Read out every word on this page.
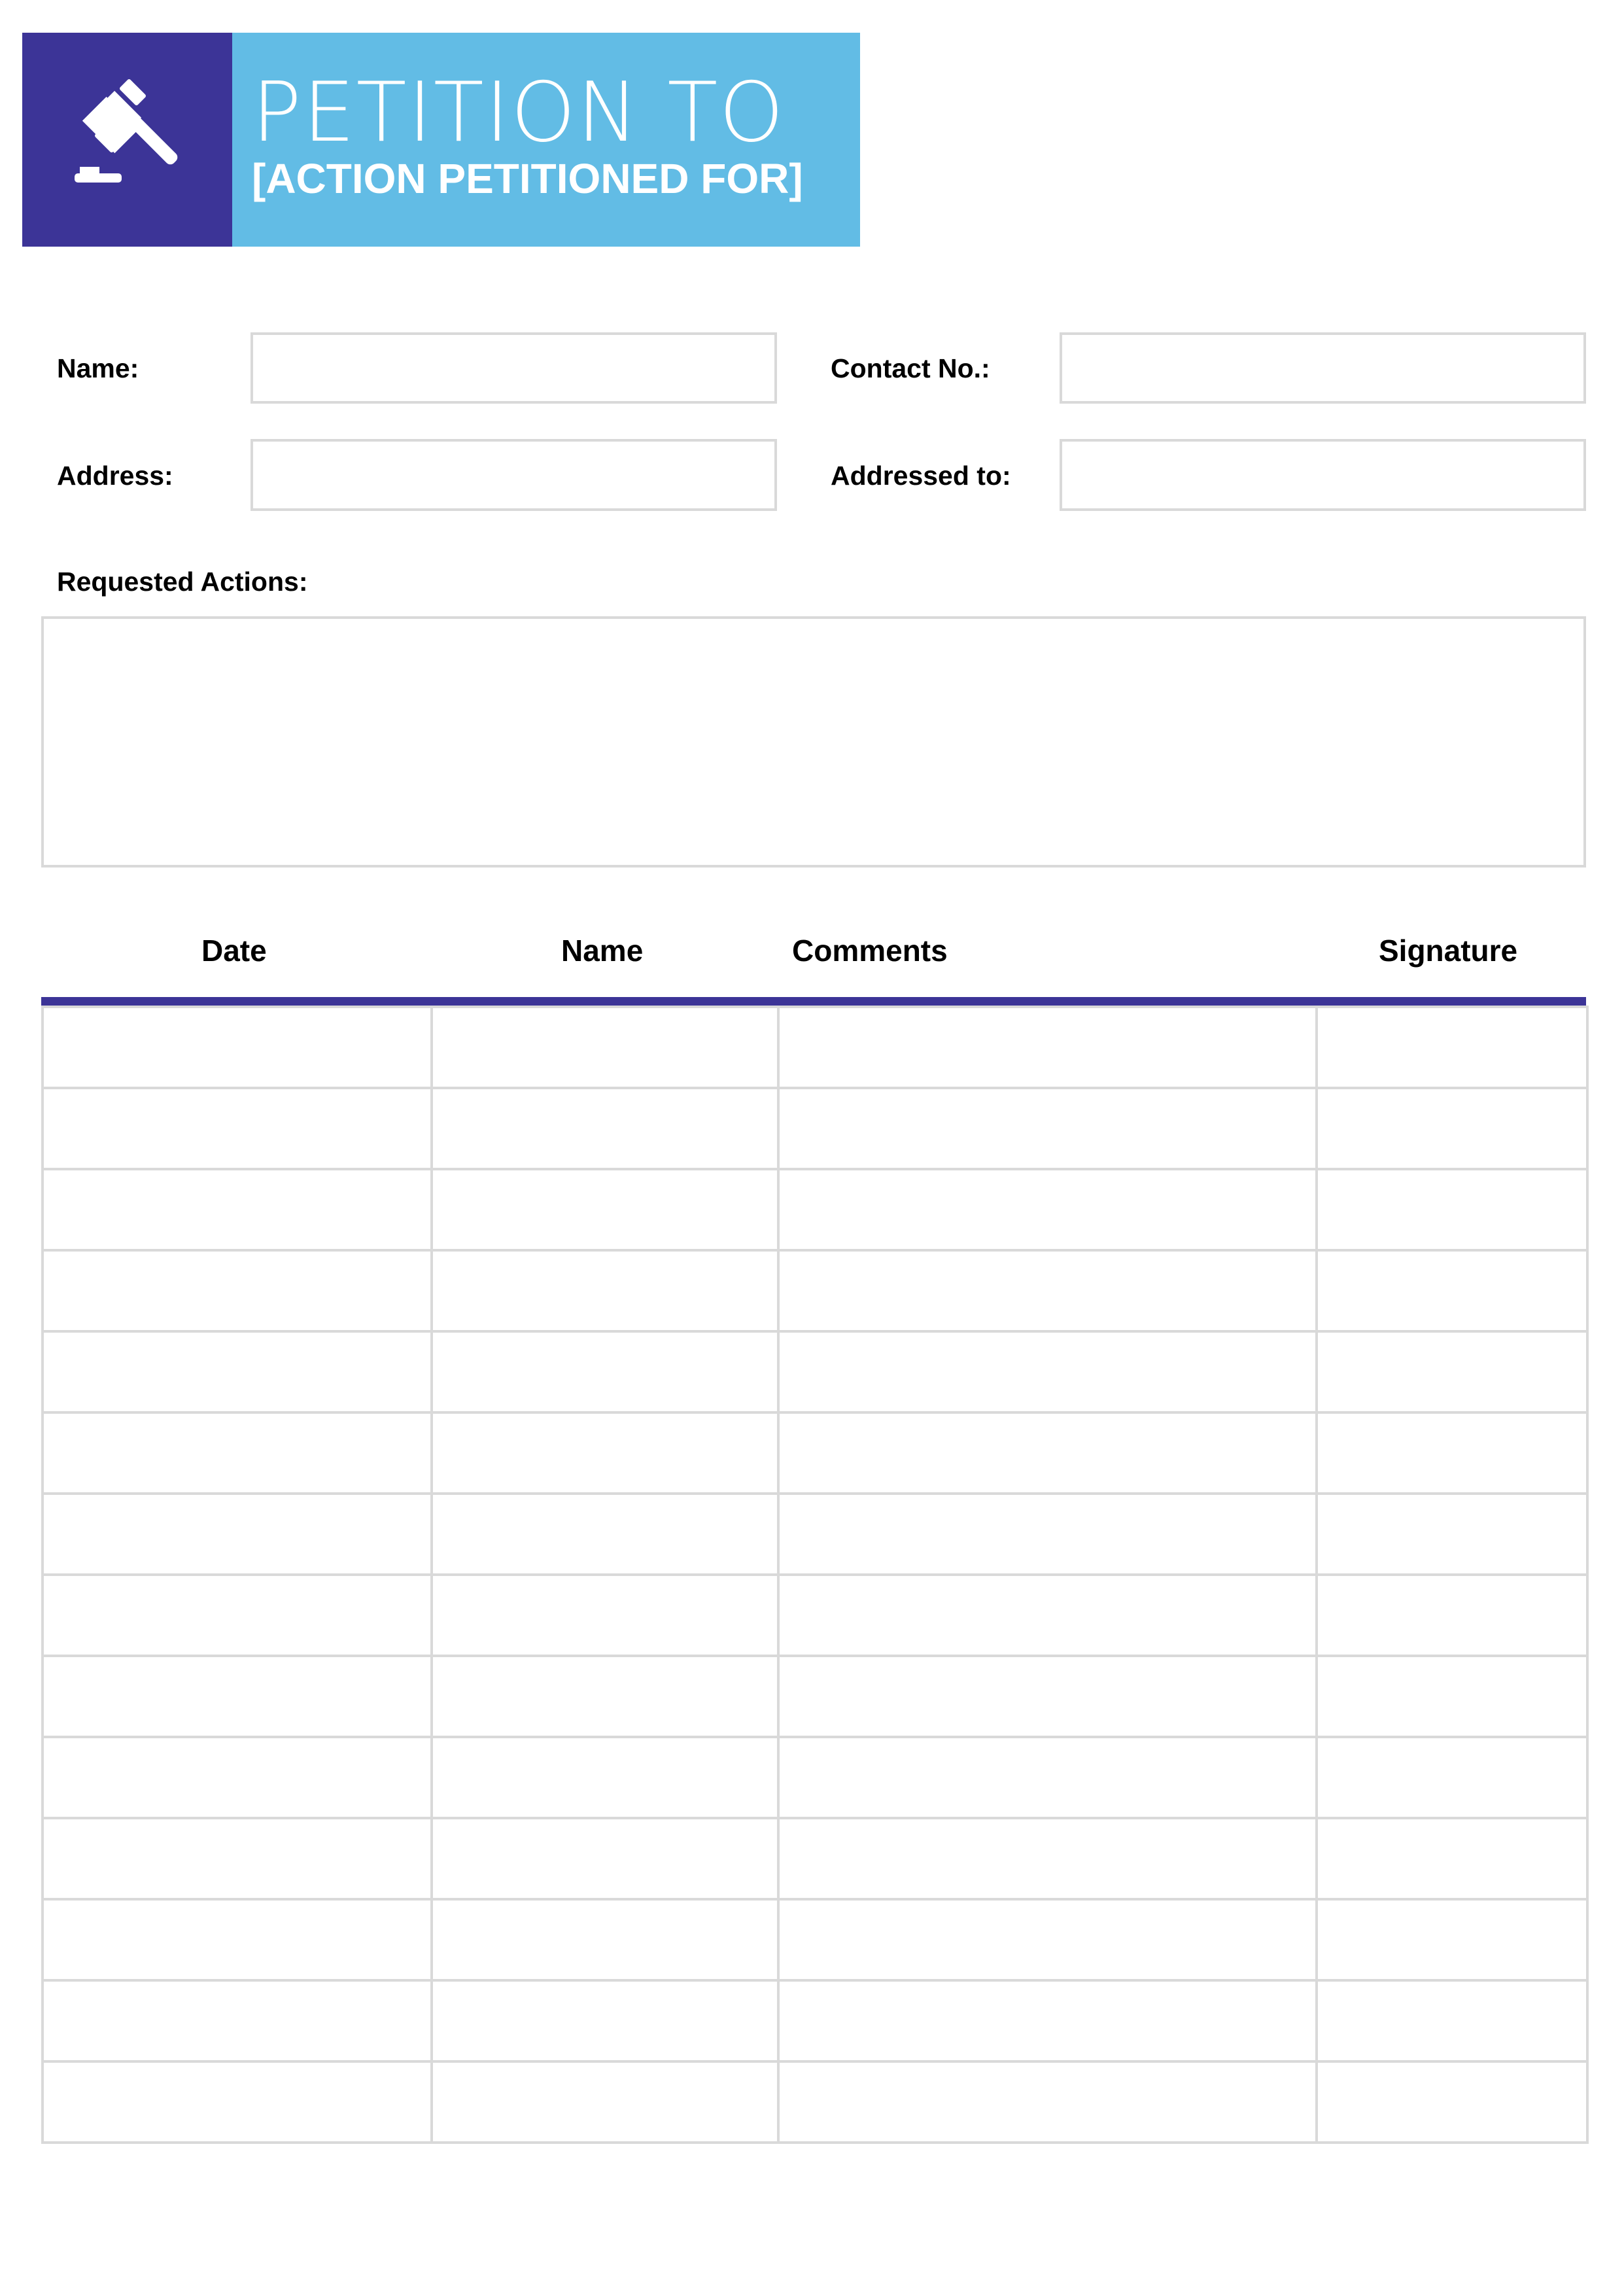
PETITION TO
[ACTION PETITIONED FOR]
Name:	Contact No.:
Address:	Addressed to:
Requested Actions:
Date	Name	Comments	Signature
